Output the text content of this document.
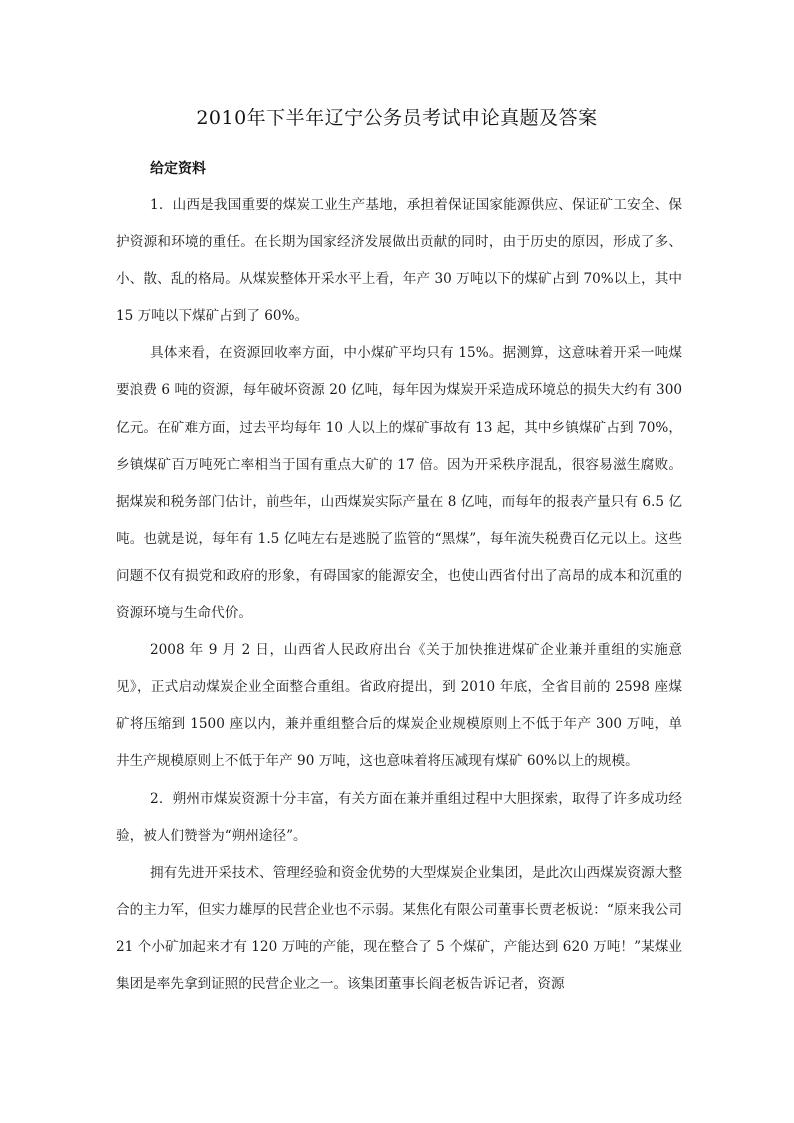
2010年下半年辽宁公务员考试申论真题及答案
给定资料

1．山西是我国重要的煤炭工业生产基地，承担着保证国家能源供应、保证矿工安全、保护资源和环境的重任。在长期为国家经济发展做出贡献的同时，由于历史的原因，形成了多、小、散、乱的格局。从煤炭整体开采水平上看，年产 30 万吨以下的煤矿占到 70%以上，其中 15 万吨以下煤矿占到了 60%。

具体来看，在资源回收率方面，中小煤矿平均只有 15%。据测算，这意味着开采一吨煤要浪费 6 吨的资源，每年破坏资源 20 亿吨，每年因为煤炭开采造成环境总的损失大约有 300 亿元。在矿难方面，过去平均每年 10 人以上的煤矿事故有 13 起，其中乡镇煤矿占到 70%，乡镇煤矿百万吨死亡率相当于国有重点大矿的 17 倍。因为开采秩序混乱，很容易滋生腐败。据煤炭和税务部门估计，前些年，山西煤炭实际产量在 8 亿吨，而每年的报表产量只有 6.5 亿吨。也就是说，每年有 1.5 亿吨左右是逃脱了监管的“黑煤”，每年流失税费百亿元以上。这些问题不仅有损党和政府的形象，有碍国家的能源安全，也使山西省付出了高昂的成本和沉重的资源环境与生命代价。

2008 年 9 月 2 日，山西省人民政府出台《关于加快推进煤矿企业兼并重组的实施意见》，正式启动煤炭企业全面整合重组。省政府提出，到 2010 年底，全省目前的 2598 座煤矿将压缩到 1500 座以内，兼并重组整合后的煤炭企业规模原则上不低于年产 300 万吨，单井生产规模原则上不低于年产 90 万吨，这也意味着将压减现有煤矿 60%以上的规模。

2．朔州市煤炭资源十分丰富，有关方面在兼并重组过程中大胆探索，取得了许多成功经验，被人们赞誉为“朔州途径”。

拥有先进开采技术、管理经验和资金优势的大型煤炭企业集团，是此次山西煤炭资源大整合的主力军，但实力雄厚的民营企业也不示弱。某焦化有限公司董事长贾老板说：“原来我公司 21 个小矿加起来才有 120 万吨的产能，现在整合了 5 个煤矿，产能达到 620 万吨！”某煤业集团是率先拿到证照的民营企业之一。该集团董事长阎老板告诉记者，资源
